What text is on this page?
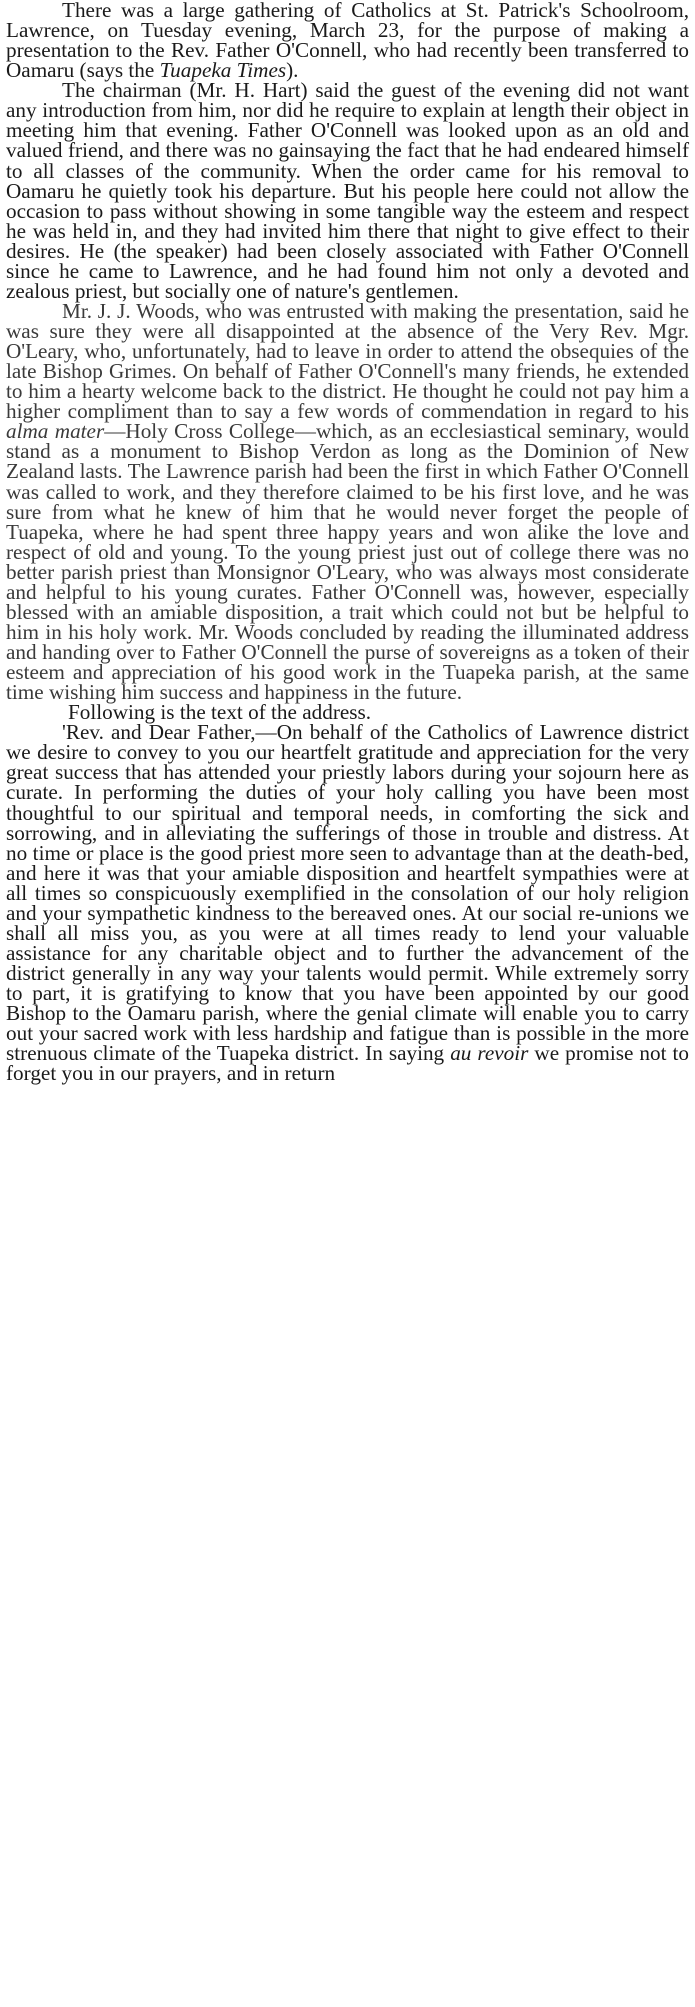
There was a large gathering of Catholics at St. Patrick's Schoolroom, Lawrence, on Tuesday evening, March 23, for the purpose of making a presentation to the Rev. Father O'Connell, who had recently been transferred to Oamaru (says the Tuapeka Times).

The chairman (Mr. H. Hart) said the guest of the evening did not want any introduction from him, nor did he require to explain at length their object in meeting him that evening. Father O'Connell was looked upon as an old and valued friend, and there was no gainsaying the fact that he had endeared himself to all classes of the community. When the order came for his removal to Oamaru he quietly took his departure. But his people here could not allow the occasion to pass without showing in some tangible way the esteem and respect he was held in, and they had invited him there that night to give effect to their desires. He (the speaker) had been closely associated with Father O'Connell since he came to Lawrence, and he had found him not only a devoted and zealous priest, but socially one of nature's gentlemen.

Mr. J. J. Woods, who was entrusted with making the presentation, said he was sure they were all disappointed at the absence of the Very Rev. Mgr. O'Leary, who, unfortunately, had to leave in order to attend the obsequies of the late Bishop Grimes. On behalf of Father O'Connell's many friends, he extended to him a hearty welcome back to the district. He thought he could not pay him a higher compliment than to say a few words of commendation in regard to his alma mater—Holy Cross College—which, as an ecclesiastical seminary, would stand as a monument to Bishop Verdon as long as the Dominion of New Zealand lasts. The Lawrence parish had been the first in which Father O'Connell was called to work, and they therefore claimed to be his first love, and he was sure from what he knew of him that he would never forget the people of Tuapeka, where he had spent three happy years and won alike the love and respect of old and young. To the young priest just out of college there was no better parish priest than Monsignor O'Leary, who was always most considerate and helpful to his young curates. Father O'Connell was, however, especially blessed with an amiable disposition, a trait which could not but be helpful to him in his holy work. Mr. Woods concluded by reading the illuminated address and handing over to Father O'Connell the purse of sovereigns as a token of their esteem and appreciation of his good work in the Tuapeka parish, at the same time wishing him success and happiness in the future.

Following is the text of the address.

'Rev. and Dear Father,—On behalf of the Catholics of Lawrence district we desire to convey to you our heartfelt gratitude and appreciation for the very great success that has attended your priestly labors during your sojourn here as curate. In performing the duties of your holy calling you have been most thoughtful to our spiritual and temporal needs, in comforting the sick and sorrowing, and in alleviating the sufferings of those in trouble and distress. At no time or place is the good priest more seen to advantage than at the death-bed, and here it was that your amiable disposition and heartfelt sympathies were at all times so conspicuously exemplified in the consolation of our holy religion and your sympathetic kindness to the bereaved ones. At our social re-unions we shall all miss you, as you were at all times ready to lend your valuable assistance for any charitable object and to further the advancement of the district generally in any way your talents would permit. While extremely sorry to part, it is gratifying to know that you have been appointed by our good Bishop to the Oamaru parish, where the genial climate will enable you to carry out your sacred work with less hardship and fatigue than is possible in the more strenuous climate of the Tuapeka district. In saying au revoir we promise not to forget you in our prayers, and in return
